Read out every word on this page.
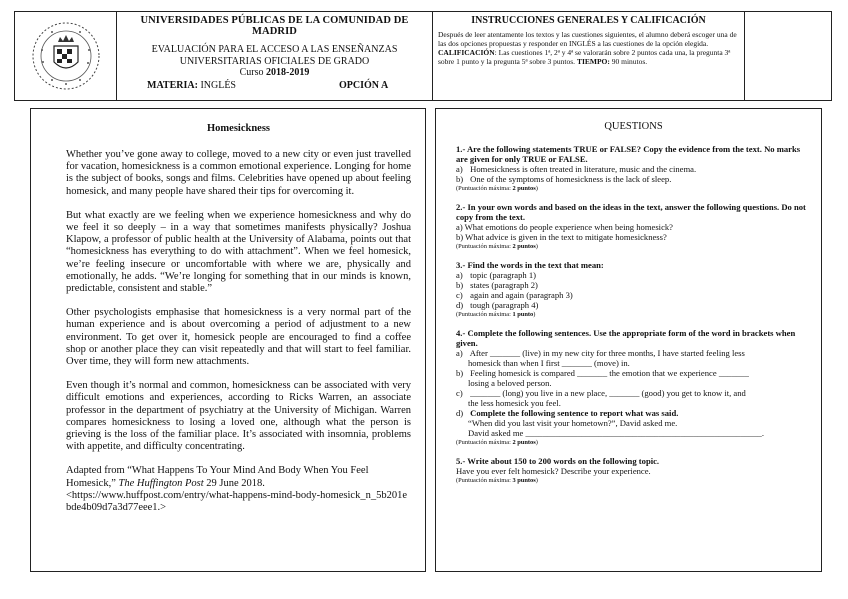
UNIVERSIDADES PÚBLICAS DE LA COMUNIDAD DE MADRID
EVALUACIÓN PARA EL ACCESO A LAS ENSEÑANZAS
UNIVERSITARIAS OFICIALES DE GRADO
Curso 2018-2019
MATERIA: INGLÉS	OPCIÓN A
INSTRUCCIONES GENERALES Y CALIFICACIÓN
Después de leer atentamente los textos y las cuestiones siguientes, el alumno deberá escoger una de las dos opciones propuestas y responder en INGLÉS a las cuestiones de la opción elegida.
CALIFICACIÓN: Las cuestiones 1ª, 2ª y 4ª se valorarán sobre 2 puntos cada una, la pregunta 3ª sobre 1 punto y la pregunta 5ª sobre 3 puntos. TIEMPO: 90 minutos.
Homesickness

Whether you’ve gone away to college, moved to a new city or even just travelled for vacation, homesickness is a common emotional experience. Longing for home is the subject of books, songs and films. Celebrities have opened up about feeling homesick, and many people have shared their tips for overcoming it.

But what exactly are we feeling when we experience homesickness and why do we feel it so deeply – in a way that sometimes manifests physically? Joshua Klapow, a professor of public health at the University of Alabama, points out that “homesickness has everything to do with attachment”. When we feel homesick, we’re feeling insecure or uncomfortable with where we are, physically and emotionally, he adds. “We’re longing for something that in our minds is known, predictable, consistent and stable.”

Other psychologists emphasise that homesickness is a very normal part of the human experience and is about overcoming a period of adjustment to a new environment. To get over it, homesick people are encouraged to find a coffee shop or another place they can visit repeatedly and that will start to feel familiar. Over time, they will form new attachments.

Even though it’s normal and common, homesickness can be associated with very difficult emotions and experiences, according to Ricks Warren, an associate professor in the department of psychiatry at the University of Michigan. Warren compares homesickness to losing a loved one, although what the person is grieving is the loss of the familiar place. It’s associated with insomnia, problems with appetite, and difficulty concentrating.

Adapted from “What Happens To Your Mind And Body When You Feel Homesick,” The Huffington Post 29 June 2018.
<https://www.huffpost.com/entry/what-happens-mind-body-homesick_n_5b201ebde4b09d7a3d77eee1.>

QUESTIONS
1.- Are the following statements TRUE or FALSE? Copy the evidence from the text. No marks are given for only TRUE or FALSE.
a) Homesickness is often treated in literature, music and the cinema.
b) One of the symptoms of homesickness is the lack of sleep.
(Puntuación máxima: 2 puntos)
2.- In your own words and based on the ideas in the text, answer the following questions. Do not copy from the text.
a) What emotions do people experience when being homesick?
b) What advice is given in the text to mitigate homesickness?
(Puntuación máxima: 2 puntos)
3.- Find the words in the text that mean:
a) topic (paragraph 1)
b) states (paragraph 2)
c) again and again (paragraph 3)
d) tough (paragraph 4)
(Puntuación máxima: 1 punto)
4.- Complete the following sentences. Use the appropriate form of the word in brackets when given.
a) After _______ (live) in my new city for three months, I have started feeling less
homesick than when I first _______ (move) in.
b) Feeling homesick is compared _______ the emotion that we experience _______
losing a beloved person.
c) _______ (long) you live in a new place, _______ (good) you get to know it, and
the less homesick you feel.
d) Complete the following sentence to report what was said.
“When did you last visit your hometown?”, David asked me.
David asked me _______________________________________________________.
(Puntuación máxima: 2 puntos)
5.- Write about 150 to 200 words on the following topic.
Have you ever felt homesick? Describe your experience.
(Puntuación máxima: 3 puntos)
